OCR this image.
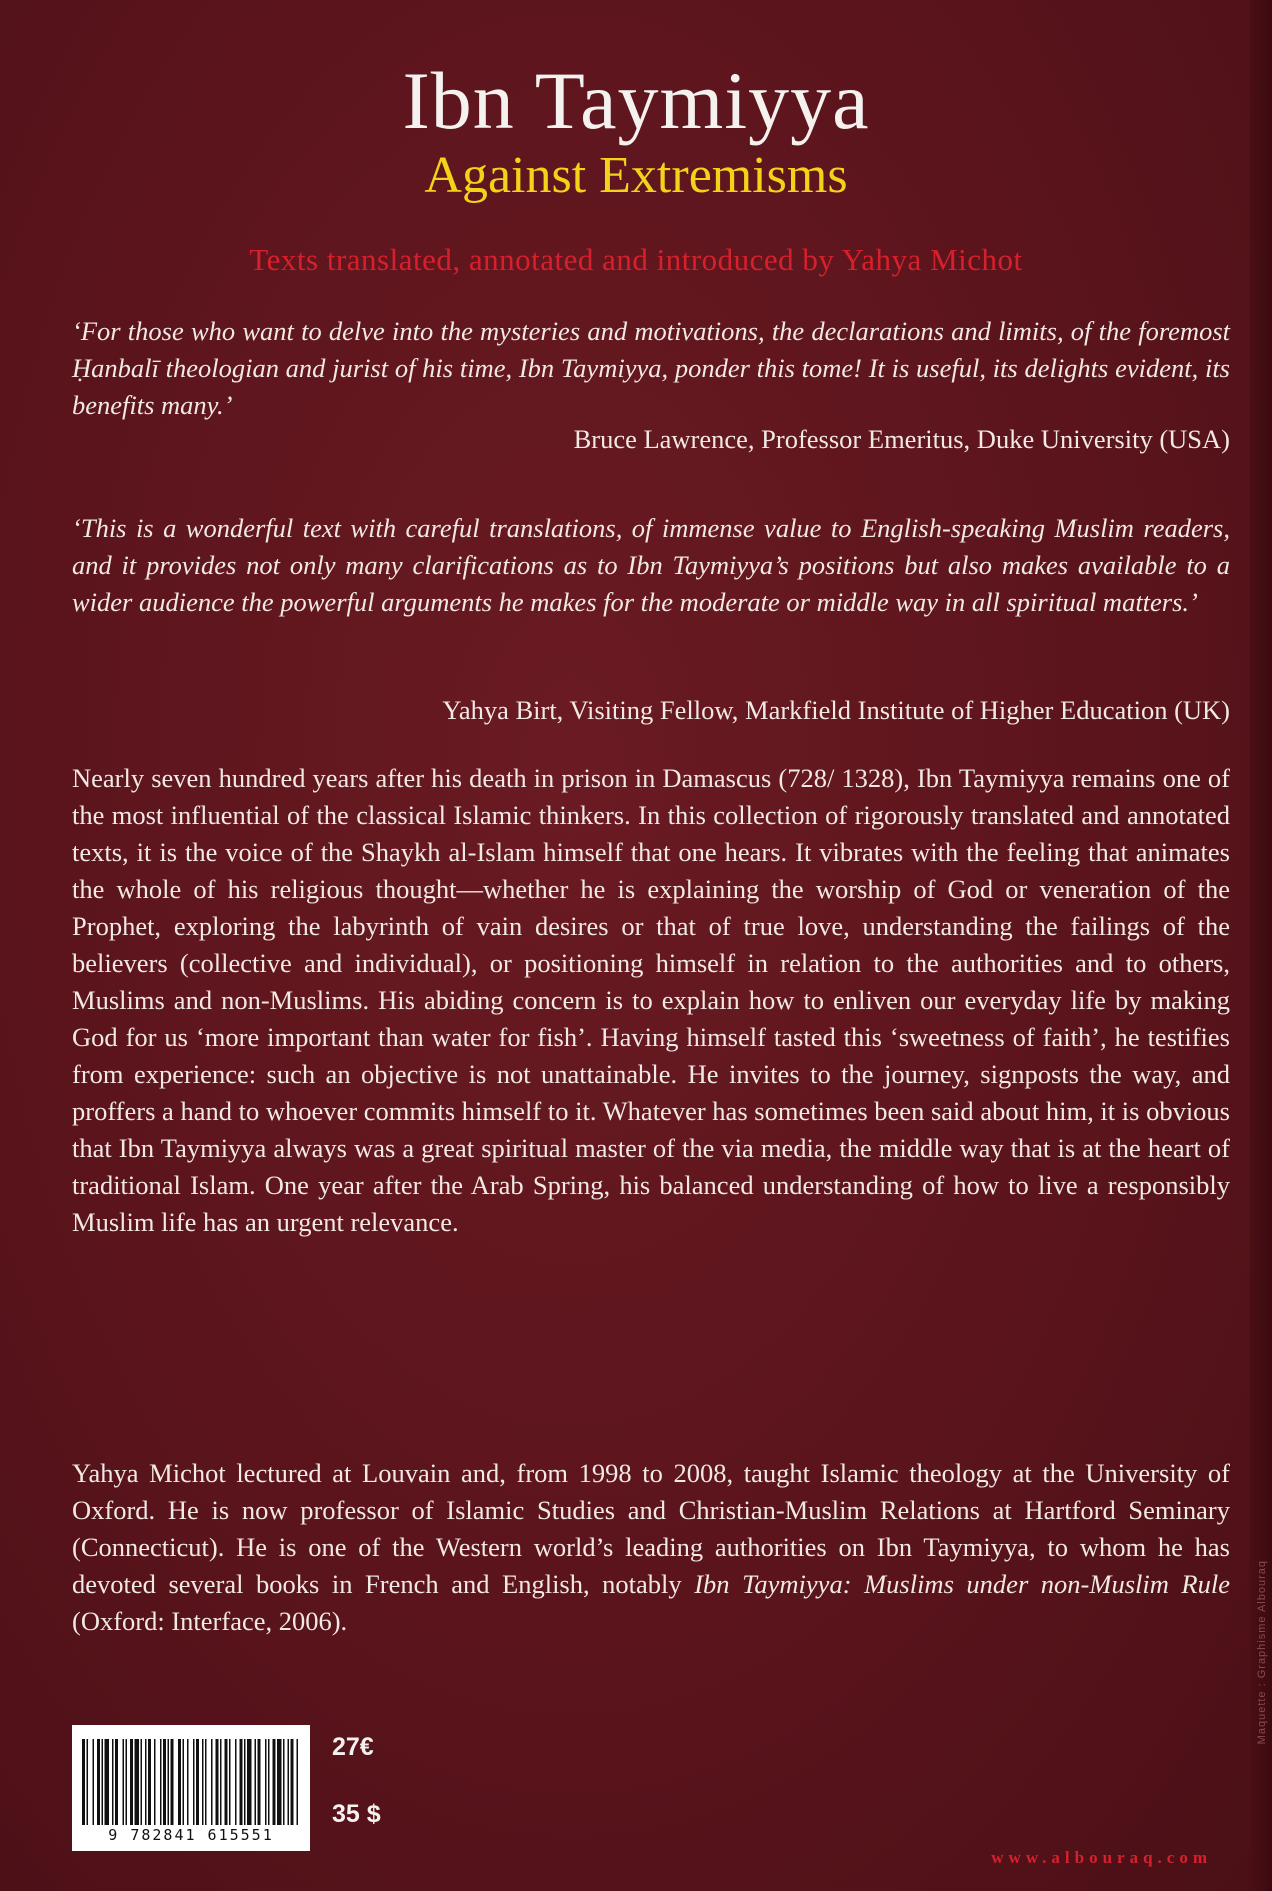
Maquette : Graphisme Albouraq
Ibn Taymiyya
Against Extremisms
Texts translated, annotated and introduced by Yahya Michot
‘For those who want to delve into the mysteries and motivations, the declarations and limits, of the foremost Ḥanbalī theologian and jurist of his time, Ibn Taymiyya, ponder this tome! It is useful, its delights evident, its benefits many.’
Bruce Lawrence, Professor Emeritus, Duke University (USA)
‘This is a wonderful text with careful translations, of immense value to English-speaking Muslim readers, and it provides not only many clarifications as to Ibn Taymiyya’s positions but also makes available to a wider audience the powerful arguments he makes for the moderate or middle way in all spiritual matters.’
Yahya Birt, Visiting Fellow, Markfield Institute of Higher Education (UK)
Nearly seven hundred years after his death in prison in Damascus (728/ 1328), Ibn Taymiyya remains one of the most influential of the classical Islamic thinkers. In this collection of rigorously translated and annotated texts, it is the voice of the Shaykh al-Islam himself that one hears. It vibrates with the feeling that animates the whole of his religious thought—whether he is explaining the worship of God or veneration of the Prophet, exploring the labyrinth of vain desires or that of true love, understanding the failings of the believers (collective and individual), or positioning himself in relation to the authorities and to others, Muslims and non-Muslims. His abiding concern is to explain how to enliven our everyday life by making God for us ‘more important than water for fish’. Having himself tasted this ‘sweetness of faith’, he testifies from experience: such an objective is not unattainable. He invites to the journey, signposts the way, and proffers a hand to whoever commits himself to it. Whatever has sometimes been said about him, it is obvious that Ibn Taymiyya always was a great spiritual master of the via media, the middle way that is at the heart of traditional Islam. One year after the Arab Spring, his balanced understanding of how to live a responsibly Muslim life has an urgent relevance.
Yahya Michot lectured at Louvain and, from 1998 to 2008, taught Islamic theology at the University of Oxford. He is now professor of Islamic Studies and Christian-Muslim Relations at Hartford Seminary (Connecticut). He is one of the Western world’s leading authorities on Ibn Taymiyya, to whom he has devoted several books in French and English, notably Ibn Taymiyya: Muslims under non-Muslim Rule (Oxford: Interface, 2006).
9 782841 615551
27€
35 $
www.albouraq.com
